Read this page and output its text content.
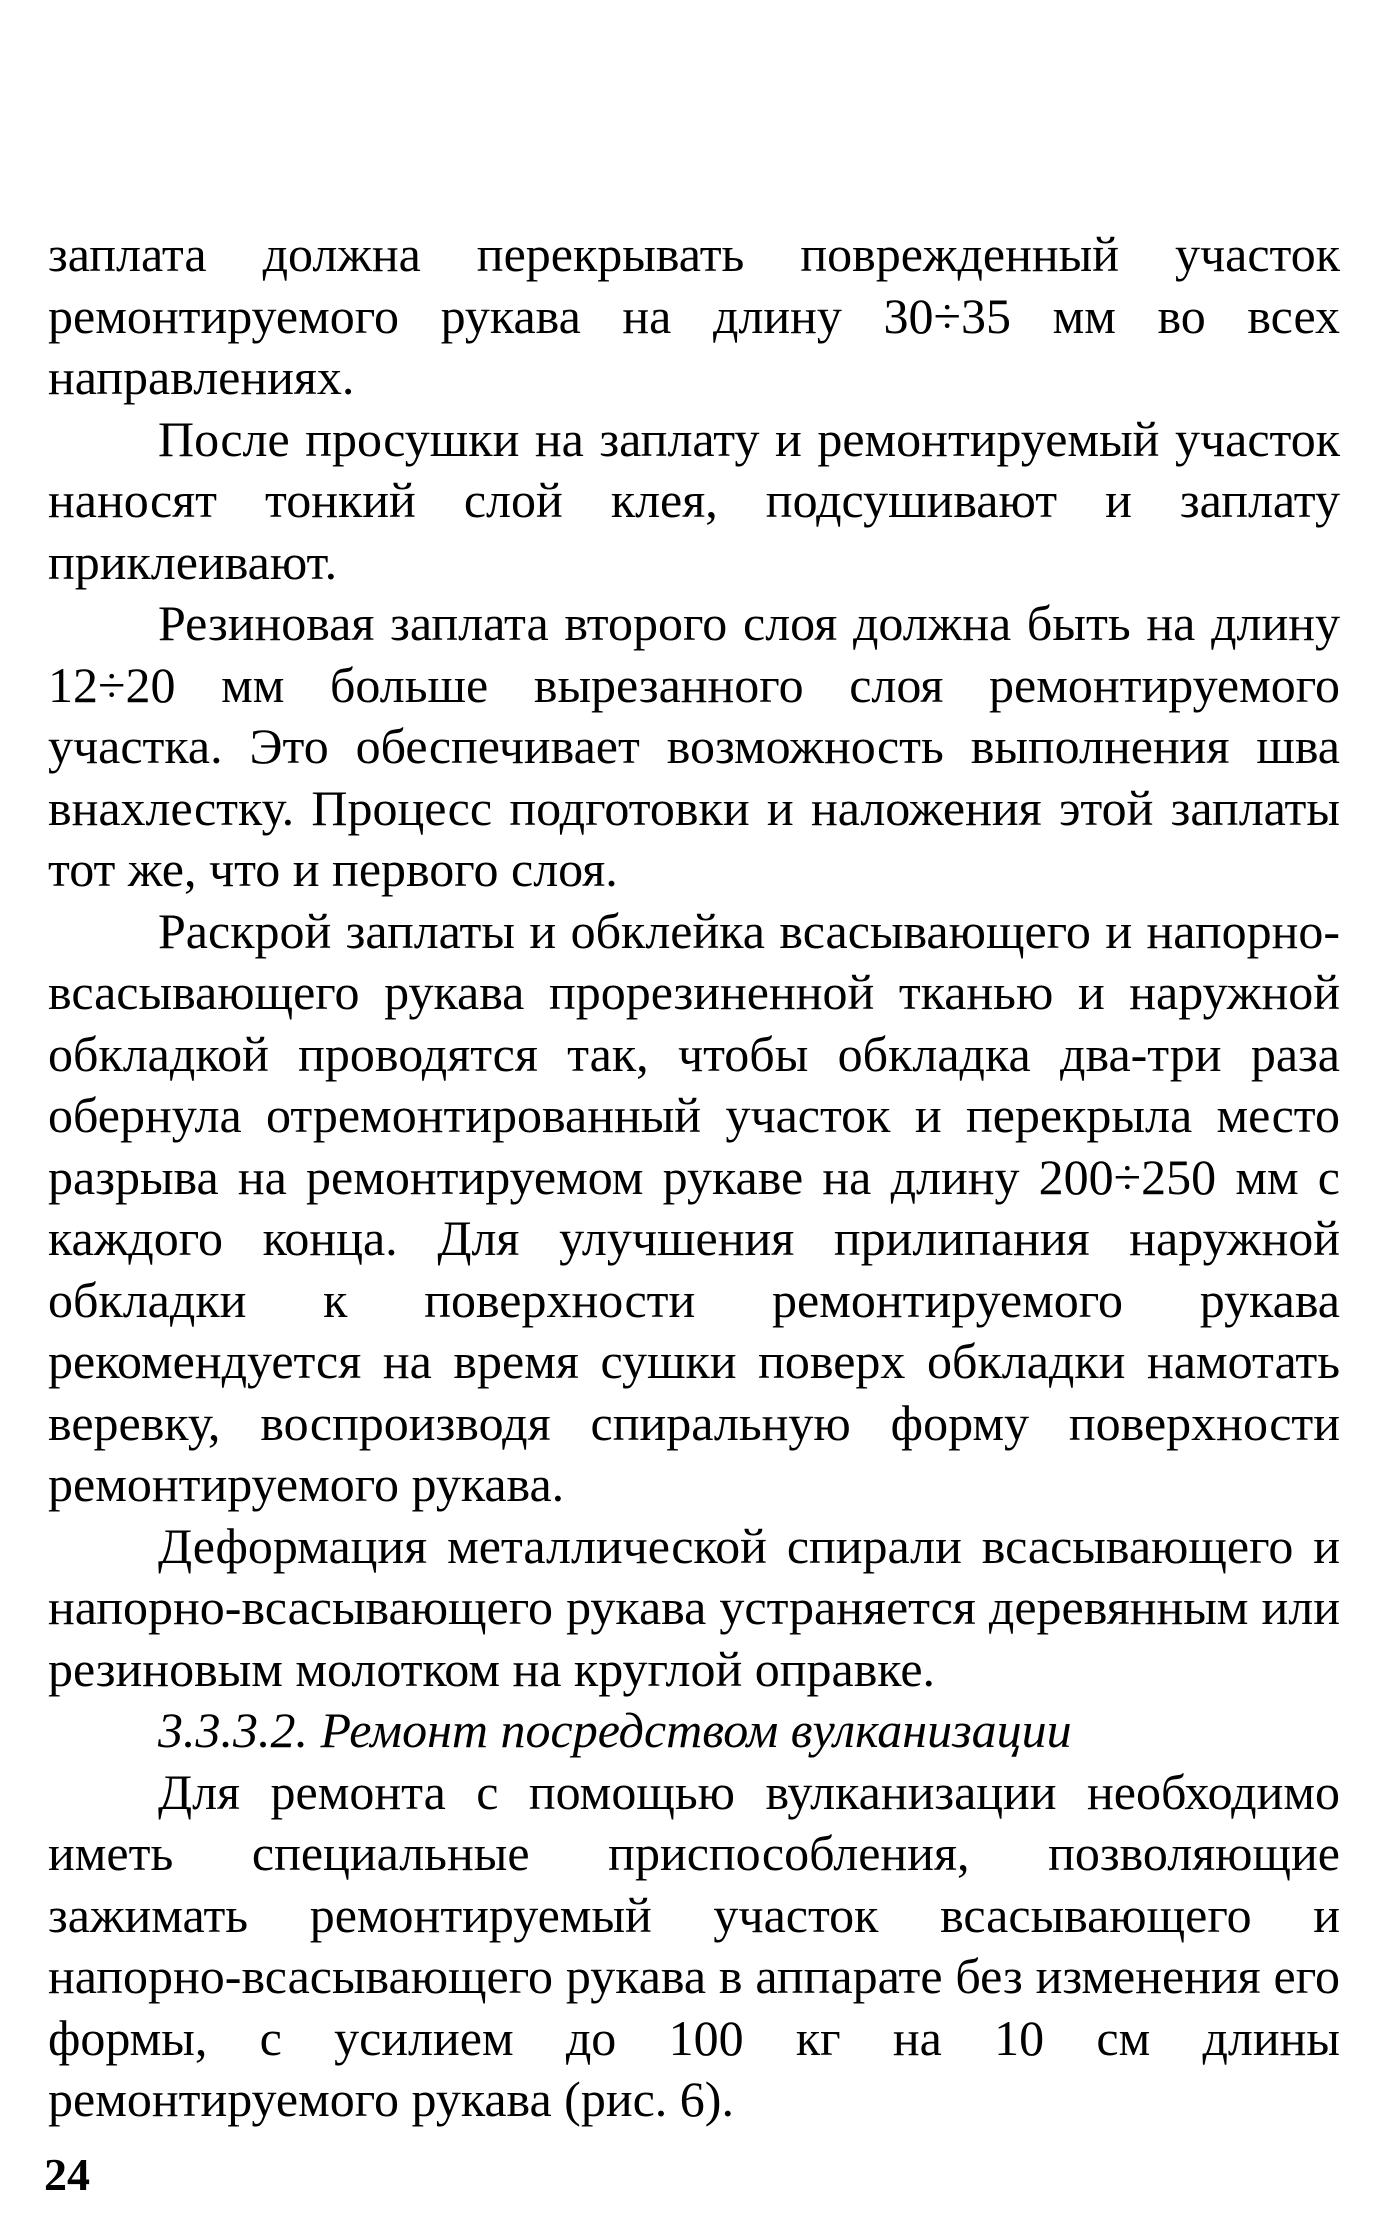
заплата должна перекрывать поврежденный участок ремонтируемого рукава на длину 30÷35 мм во всех направлениях.

После просушки на заплату и ремонтируемый участок наносят тонкий слой клея, подсушивают и заплату приклеивают.

Резиновая заплата второго слоя должна быть на длину 12÷20 мм больше вырезанного слоя ремонтируемого участка. Это обеспечивает возможность выполнения шва внахлестку. Процесс подготовки и наложения этой заплаты тот же, что и первого слоя.

Раскрой заплаты и обклейка всасывающего и напорно-всасывающего рукава прорезиненной тканью и наружной обкладкой проводятся так, чтобы обкладка два-три раза обернула отремонтированный участок и перекрыла место разрыва на ремонтируемом рукаве на длину 200÷250 мм с каждого конца. Для улучшения прилипания наружной обкладки к поверхности ремонтируемого рукава рекомендуется на время сушки поверх обкладки намотать веревку, воспроизводя спиральную форму поверхности ремонтируемого рукава.

Деформация металлической спирали всасывающего и напорно-всасывающего рукава устраняется деревянным или резиновым молотком на круглой оправке.

3.3.3.2. Ремонт посредством вулканизации

Для ремонта с помощью вулканизации необходимо иметь специальные приспособления, позволяющие зажимать ремонтируемый участок всасывающего и напорно-всасывающего рукава в аппарате без изменения его формы, с усилием до 100 кг на 10 см длины ремонтируемого рукава (рис. 6).

24
